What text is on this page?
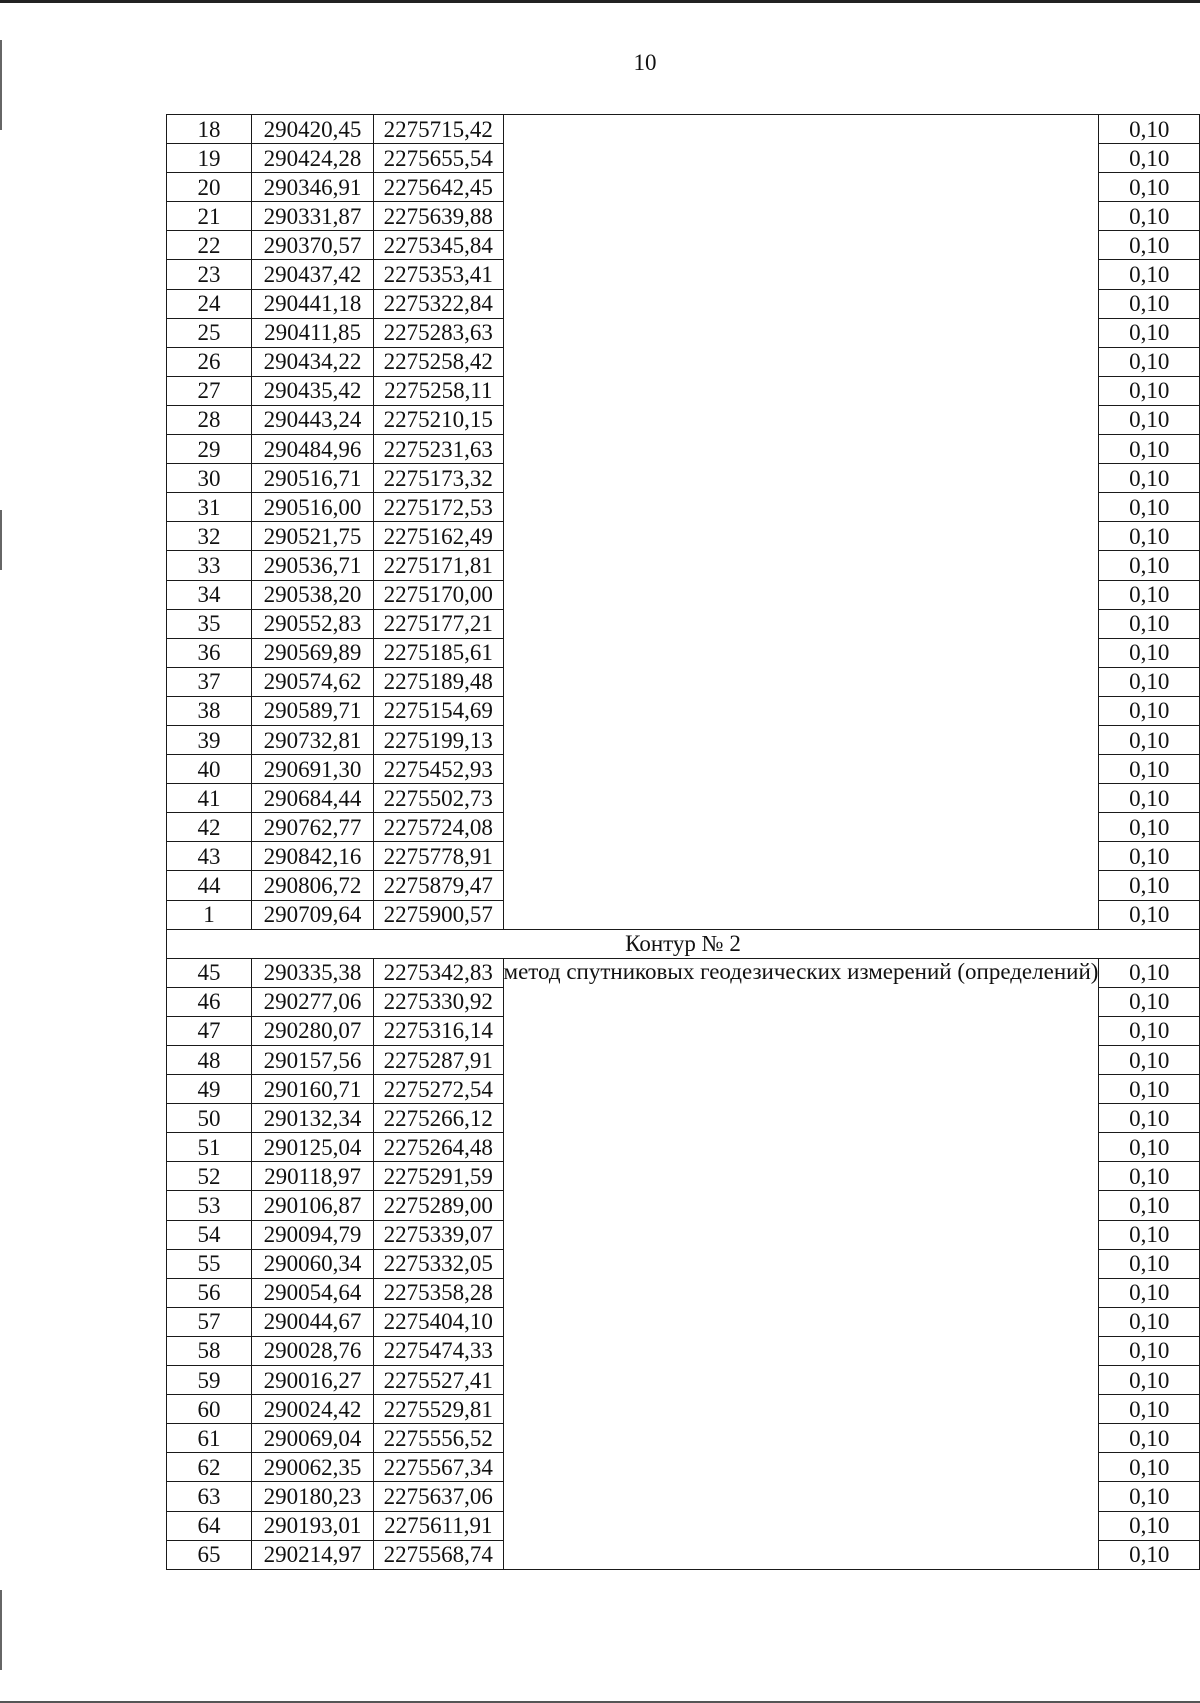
10
18	290420,45	2275715,42		0,10
19	290424,28	2275655,54		0,10
20	290346,91	2275642,45		0,10
21	290331,87	2275639,88		0,10
22	290370,57	2275345,84		0,10
23	290437,42	2275353,41		0,10
24	290441,18	2275322,84		0,10
25	290411,85	2275283,63		0,10
26	290434,22	2275258,42		0,10
27	290435,42	2275258,11		0,10
28	290443,24	2275210,15		0,10
29	290484,96	2275231,63		0,10
30	290516,71	2275173,32		0,10
31	290516,00	2275172,53		0,10
32	290521,75	2275162,49		0,10
33	290536,71	2275171,81		0,10
34	290538,20	2275170,00		0,10
35	290552,83	2275177,21		0,10
36	290569,89	2275185,61		0,10
37	290574,62	2275189,48		0,10
38	290589,71	2275154,69		0,10
39	290732,81	2275199,13		0,10
40	290691,30	2275452,93		0,10
41	290684,44	2275502,73		0,10
42	290762,77	2275724,08		0,10
43	290842,16	2275778,91		0,10
44	290806,72	2275879,47		0,10
1	290709,64	2275900,57		0,10
Контур № 2				
45	290335,38	2275342,83	метод спутниковых геодезических измерений (определений)	0,10
46	290277,06	2275330,92		0,10
47	290280,07	2275316,14		0,10
48	290157,56	2275287,91		0,10
49	290160,71	2275272,54		0,10
50	290132,34	2275266,12		0,10
51	290125,04	2275264,48		0,10
52	290118,97	2275291,59		0,10
53	290106,87	2275289,00		0,10
54	290094,79	2275339,07		0,10
55	290060,34	2275332,05		0,10
56	290054,64	2275358,28		0,10
57	290044,67	2275404,10		0,10
58	290028,76	2275474,33		0,10
59	290016,27	2275527,41		0,10
60	290024,42	2275529,81		0,10
61	290069,04	2275556,52		0,10
62	290062,35	2275567,34		0,10
63	290180,23	2275637,06		0,10
64	290193,01	2275611,91		0,10
65	290214,97	2275568,74		0,10
